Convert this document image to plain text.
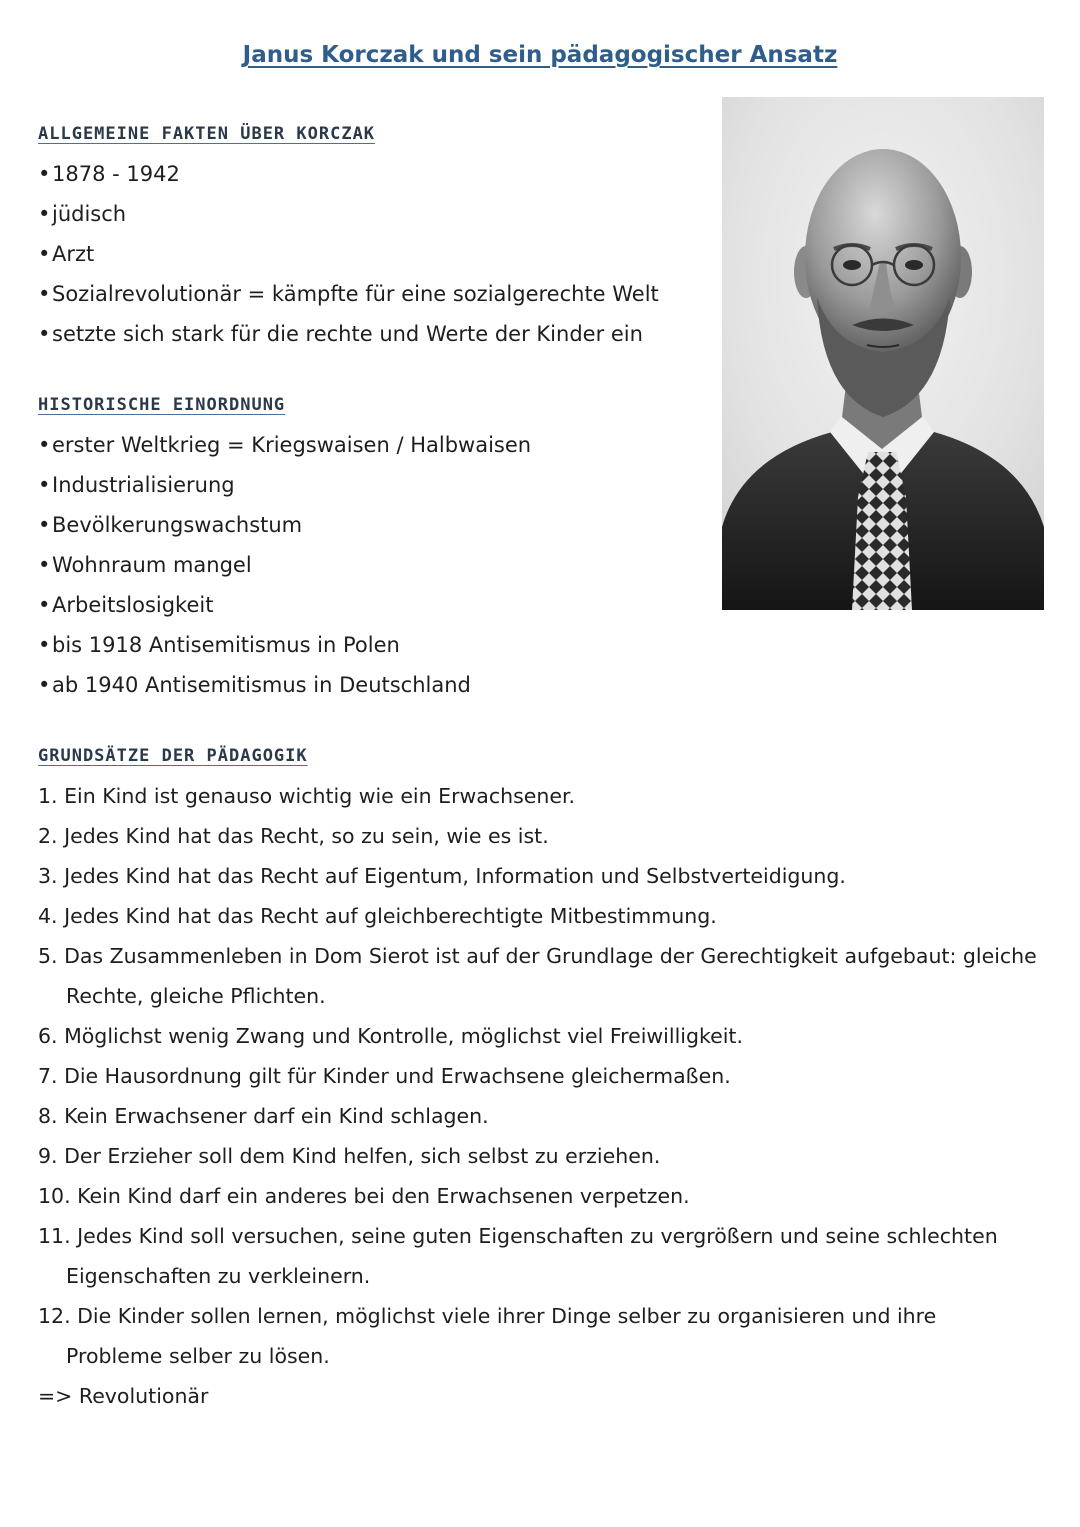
Janus Korczak und sein pädagogischer Ansatz
ALLGEMEINE FAKTEN ÜBER KORCZAK
•1878 - 1942
•jüdisch
•Arzt
•Sozialrevolutionär = kämpfte für eine sozialgerechte Welt
•setzte sich stark für die rechte und Werte der Kinder ein
HISTORISCHE EINORDNUNG
•erster Weltkrieg = Kriegswaisen / Halbwaisen
•Industrialisierung
•Bevölkerungswachstum
•Wohnraum mangel
•Arbeitslosigkeit
•bis 1918 Antisemitismus in Polen
•ab 1940 Antisemitismus in Deutschland
GRUNDSÄTZE DER PÄDAGOGIK
1. Ein Kind ist genauso wichtig wie ein Erwachsener.
2. Jedes Kind hat das Recht, so zu sein, wie es ist.
3. Jedes Kind hat das Recht auf Eigentum, Information und Selbstverteidigung.
4. Jedes Kind hat das Recht auf gleichberechtigte Mitbestimmung.
5. Das Zusammenleben in Dom Sierot ist auf der Grundlage der Gerechtigkeit aufgebaut: gleiche Rechte, gleiche Pflichten.
6. Möglichst wenig Zwang und Kontrolle, möglichst viel Freiwilligkeit.
7. Die Hausordnung gilt für Kinder und Erwachsene gleichermaßen.
8. Kein Erwachsener darf ein Kind schlagen.
9. Der Erzieher soll dem Kind helfen, sich selbst zu erziehen.
10. Kein Kind darf ein anderes bei den Erwachsenen verpetzen.
11. Jedes Kind soll versuchen, seine guten Eigenschaften zu vergrößern und seine schlechten Eigenschaften zu verkleinern.
12. Die Kinder sollen lernen, möglichst viele ihrer Dinge selber zu organisieren und ihre Probleme selber zu lösen.
=> Revolutionär
